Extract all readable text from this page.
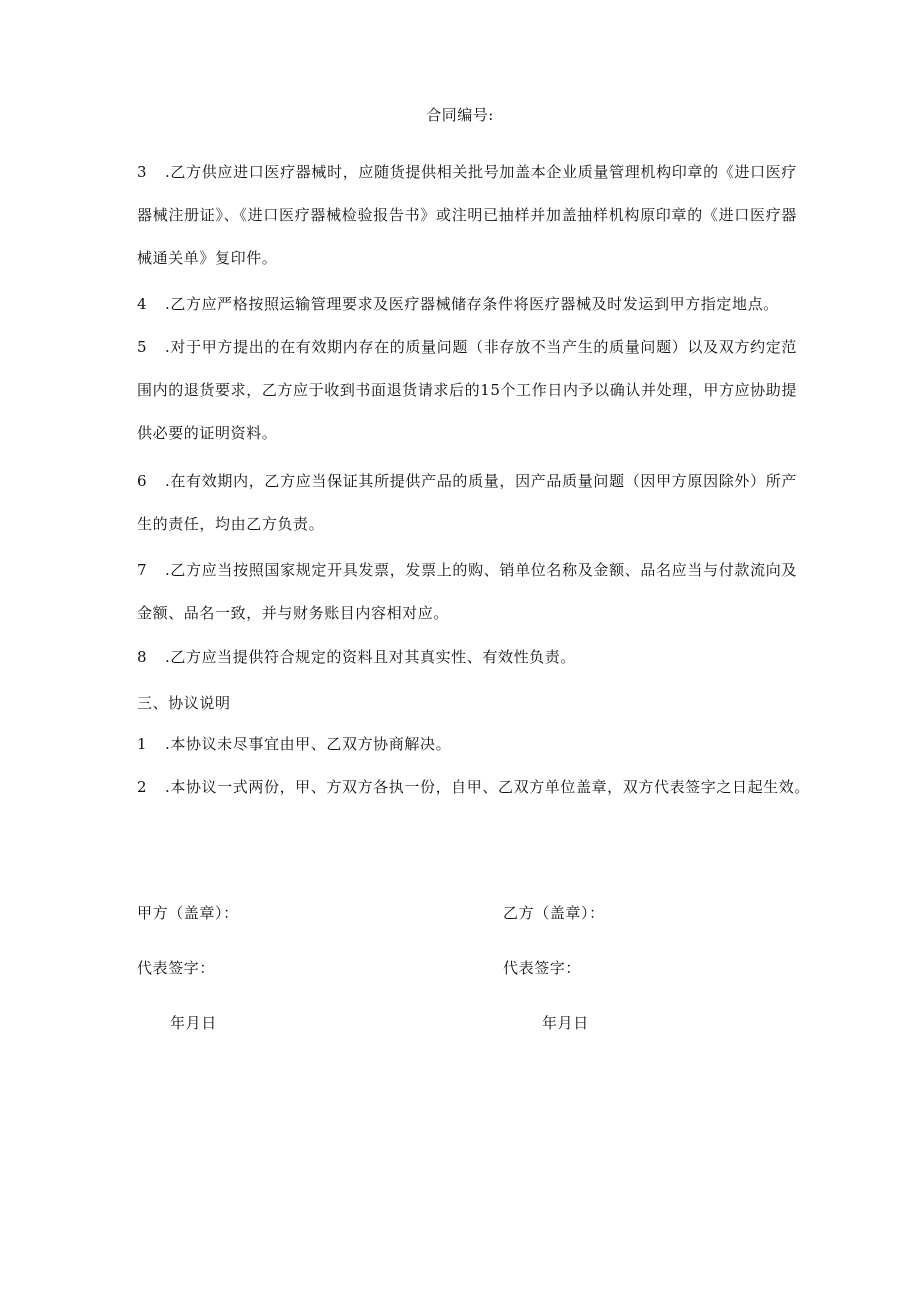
合同编号:
3 .乙方供应进口医疗器械时，应随货提供相关批号加盖本企业质量管理机构印章的《进口医疗器械注册证》、《进口医疗器械检验报告书》或注明已抽样并加盖抽样机构原印章的《进口医疗器械通关单》复印件。
4 .乙方应严格按照运输管理要求及医疗器械储存条件将医疗器械及时发运到甲方指定地点。
5 .对于甲方提出的在有效期内存在的质量问题（非存放不当产生的质量问题）以及双方约定范围内的退货要求，乙方应于收到书面退货请求后的15个工作日内予以确认并处理，甲方应协助提供必要的证明资料。
6 .在有效期内，乙方应当保证其所提供产品的质量，因产品质量问题（因甲方原因除外）所产生的责任，均由乙方负责。
7 .乙方应当按照国家规定开具发票，发票上的购、销单位名称及金额、品名应当与付款流向及金额、品名一致，并与财务账目内容相对应。
8 .乙方应当提供符合规定的资料且对其真实性、有效性负责。
三、协议说明
1 .本协议未尽事宜由甲、乙双方协商解决。
2 .本协议一式两份，甲、方双方各执一份，自甲、乙双方单位盖章，双方代表签字之日起生效。
甲方（盖章）：	乙方（盖章）：
代表签字：	代表签字：
年月日	年月日
